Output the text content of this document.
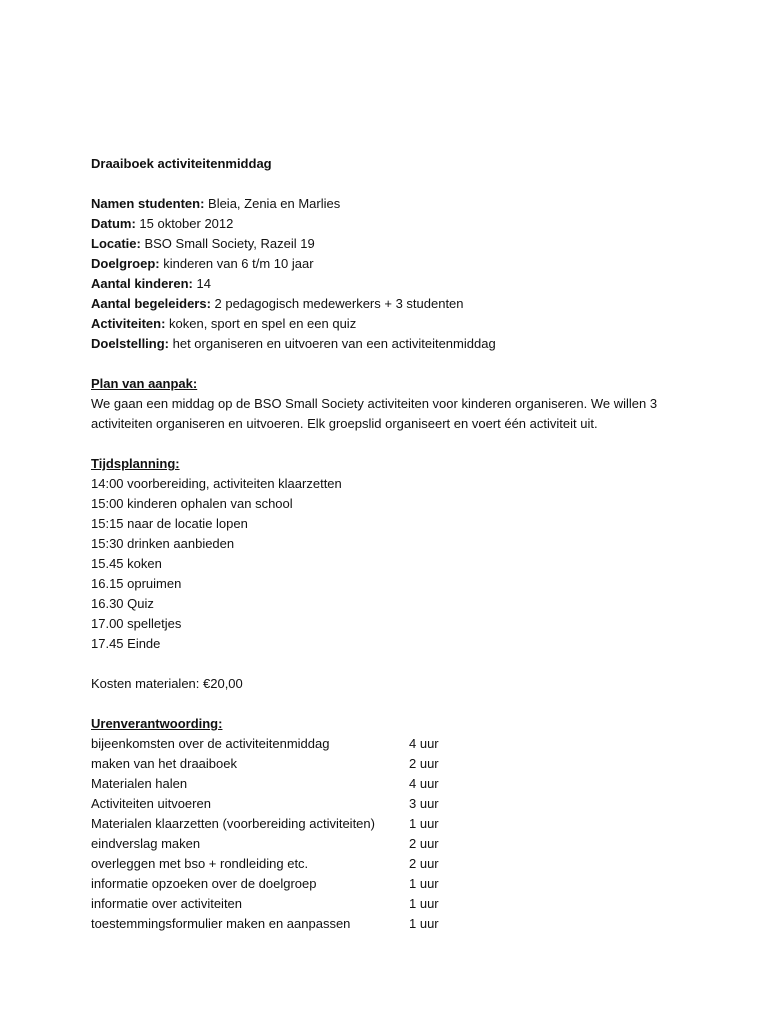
Draaiboek activiteitenmiddag
Namen studenten: Bleia, Zenia en Marlies
Datum: 15 oktober 2012
Locatie: BSO Small Society, Razeil 19
Doelgroep: kinderen van 6 t/m 10 jaar
Aantal kinderen: 14
Aantal begeleiders: 2 pedagogisch medewerkers + 3 studenten
Activiteiten: koken, sport en spel en een quiz
Doelstelling: het organiseren en uitvoeren van een activiteitenmiddag
Plan van aanpak:
We gaan een middag op de BSO Small Society activiteiten voor kinderen organiseren. We willen 3 activiteiten organiseren en uitvoeren. Elk groepslid organiseert en voert één activiteit uit.
Tijdsplanning:
14:00 voorbereiding, activiteiten klaarzetten
15:00 kinderen ophalen van school
15:15 naar de locatie lopen
15:30 drinken aanbieden
15.45 koken
16.15 opruimen
16.30 Quiz
17.00 spelletjes
17.45 Einde
Kosten materialen: €20,00
Urenverantwoording:
bijeenkomsten over de activiteitenmiddag	4 uur
maken van het draaiboek	2 uur
Materialen halen	4 uur
Activiteiten uitvoeren	3 uur
Materialen klaarzetten (voorbereiding activiteiten)	1 uur
eindverslag maken	2 uur
overleggen met bso + rondleiding etc.	2 uur
informatie opzoeken over de doelgroep	1 uur
informatie over activiteiten	1 uur
toestemmingsformulier maken en aanpassen	1 uur
